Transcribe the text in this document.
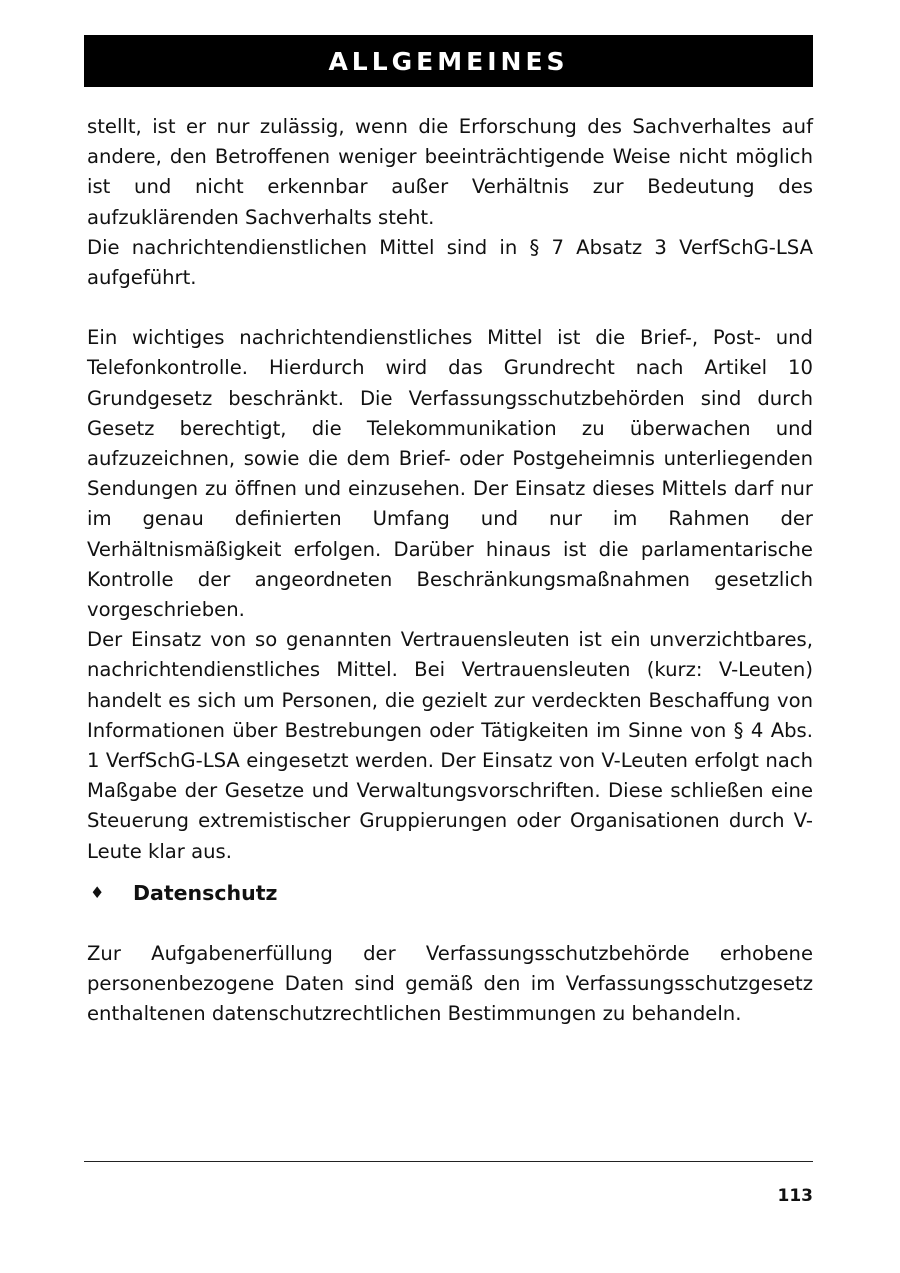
ALLGEMEINES

stellt, ist er nur zulässig, wenn die Erforschung des Sachverhaltes auf andere, den Betroffenen weniger beeinträchtigende Weise nicht möglich ist und nicht erkennbar außer Verhältnis zur Bedeutung des aufzuklärenden Sachverhalts steht.

Die nachrichtendienstlichen Mittel sind in § 7 Absatz 3 VerfSchG-LSA aufgeführt.

Ein wichtiges nachrichtendienstliches Mittel ist die Brief-, Post- und Telefonkontrolle. Hierdurch wird das Grundrecht nach Artikel 10 Grundgesetz beschränkt. Die Verfassungsschutzbehörden sind durch Gesetz berechtigt, die Telekommunikation zu überwachen und aufzuzeichnen, sowie die dem Brief- oder Postgeheimnis unterliegenden Sendungen zu öffnen und einzusehen. Der Einsatz dieses Mittels darf nur im genau definierten Umfang und nur im Rahmen der Verhältnismäßigkeit erfolgen. Darüber hinaus ist die parlamentarische Kontrolle der angeordneten Beschränkungsmaßnahmen gesetzlich vorgeschrieben.

Der Einsatz von so genannten Vertrauensleuten ist ein unverzichtbares, nachrichtendienstliches Mittel. Bei Vertrauensleuten (kurz: V-Leuten) handelt es sich um Personen, die gezielt zur verdeckten Beschaffung von Informationen über Bestrebungen oder Tätigkeiten im Sinne von § 4 Abs. 1 VerfSchG-LSA eingesetzt werden. Der Einsatz von V-Leuten erfolgt nach Maßgabe der Gesetze und Verwaltungsvorschriften. Diese schließen eine Steuerung extremistischer Gruppierungen oder Organisationen durch V-Leute klar aus.

♦	Datenschutz

Zur Aufgabenerfüllung der Verfassungsschutzbehörde erhobene personenbezogene Daten sind gemäß den im Verfassungsschutzgesetz enthaltenen datenschutzrechtlichen Bestimmungen zu behandeln.

113
